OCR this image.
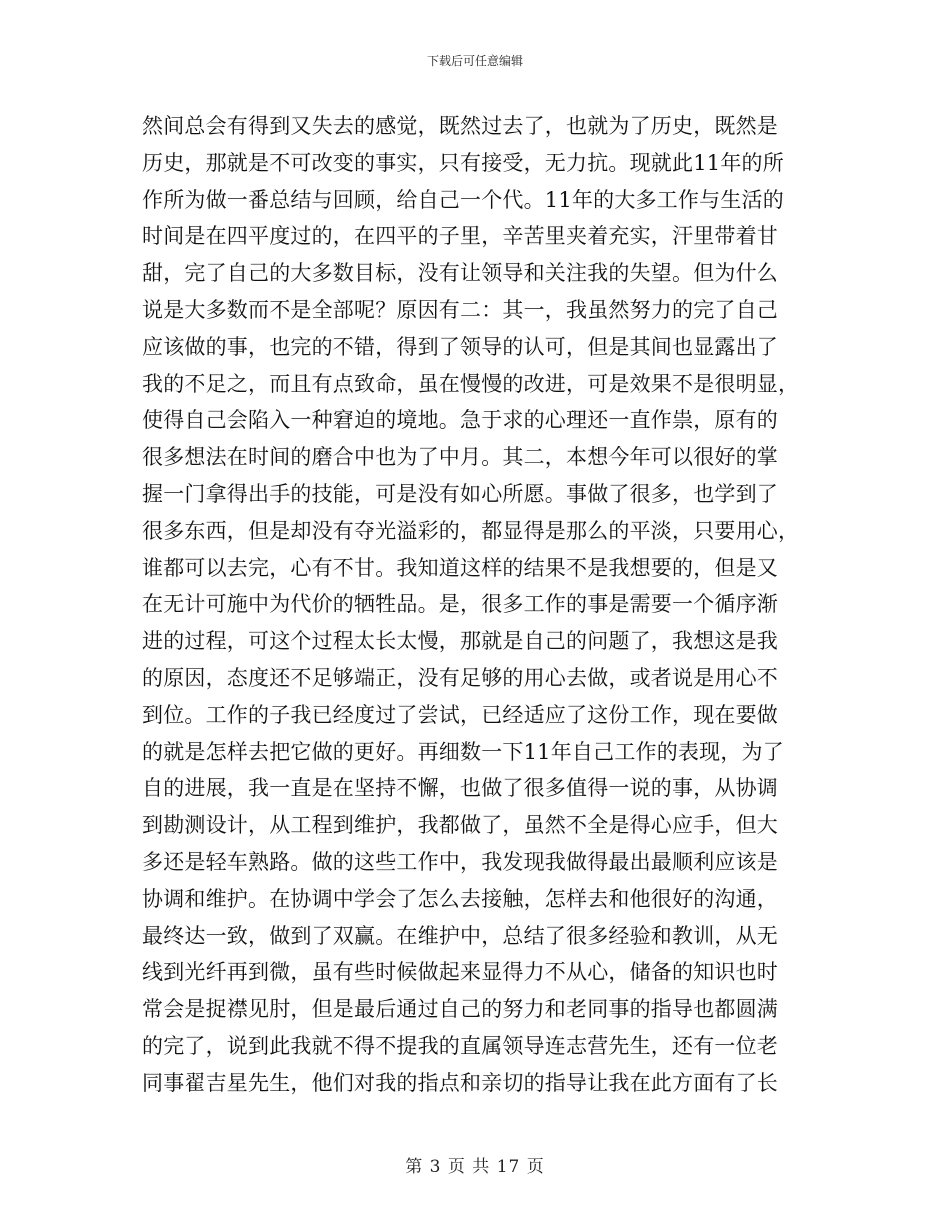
下载后可任意编辑
然间总会有得到又失去的感觉，既然过去了，也就为了历史，既然是
历史，那就是不可改变的事实，只有接受，无力抗。现就此11年的所
作所为做一番总结与回顾，给自己一个代。11年的大多工作与生活的
时间是在四平度过的，在四平的子里，辛苦里夹着充实，汗里带着甘
甜，完了自己的大多数目标，没有让领导和关注我的失望。但为什么
说是大多数而不是全部呢？原因有二：其一，我虽然努力的完了自己
应该做的事，也完的不错，得到了领导的认可，但是其间也显露出了
我的不足之，而且有点致命，虽在慢慢的改进，可是效果不是很明显，
使得自己会陷入一种窘迫的境地。急于求的心理还一直作祟，原有的
很多想法在时间的磨合中也为了中月。其二，本想今年可以很好的掌
握一门拿得出手的技能，可是没有如心所愿。事做了很多，也学到了
很多东西，但是却没有夺光溢彩的，都显得是那么的平淡，只要用心，
谁都可以去完，心有不甘。我知道这样的结果不是我想要的，但是又
在无计可施中为代价的牺牲品。是，很多工作的事是需要一个循序渐
进的过程，可这个过程太长太慢，那就是自己的问题了，我想这是我
的原因，态度还不足够端正，没有足够的用心去做，或者说是用心不
到位。工作的子我已经度过了尝试，已经适应了这份工作，现在要做
的就是怎样去把它做的更好。再细数一下11年自己工作的表现，为了
自的进展，我一直是在坚持不懈，也做了很多值得一说的事，从协调
到勘测设计，从工程到维护，我都做了，虽然不全是得心应手，但大
多还是轻车熟路。做的这些工作中，我发现我做得最出最顺利应该是
协调和维护。在协调中学会了怎么去接触，怎样去和他很好的沟通，
最终达一致，做到了双赢。在维护中，总结了很多经验和教训，从无
线到光纤再到微，虽有些时候做起来显得力不从心，储备的知识也时
常会是捉襟见肘，但是最后通过自己的努力和老同事的指导也都圆满
的完了，说到此我就不得不提我的直属领导连志营先生，还有一位老
同事翟吉星先生，他们对我的指点和亲切的指导让我在此方面有了长
第 3 页 共 17 页
